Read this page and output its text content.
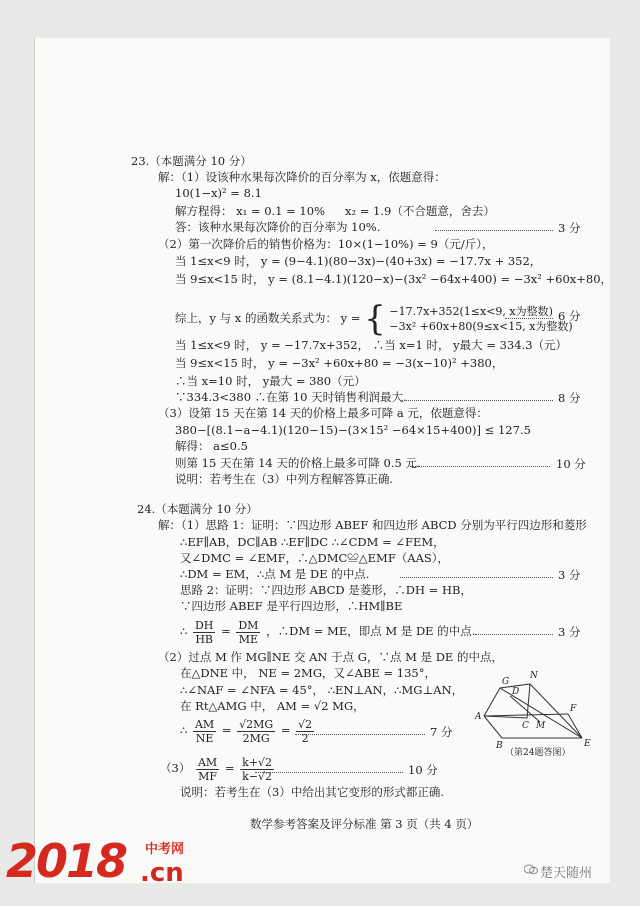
23.（本题满分 10 分）
解：（1）设该种水果每次降价的百分率为 x，依题意得：
10(1−x)² = 8.1
解方程得： x₁ = 0.1 = 10% x₂ = 1.9（不合题意，舍去）
答：该种水果每次降价的百分率为 10%.	3 分
（2）第一次降价后的销售价格为：10×(1−10%) = 9（元/斤），
当 1≤x<9 时， y = (9−4.1)(80−3x)−(40+3x) = −17.7x + 352，
当 9≤x<15 时， y = (8.1−4.1)(120−x)−(3x² −64x+400) = −3x² +60x+80，
综上，y 与 x 的函数关系式为： y = { −17.7x+352(1≤x<9, x为整数)
−3x² +60x+80(9≤x<15, x为整数)
6 分
当 1≤x<9 时， y = −17.7x+352， ∴当 x=1 时， y最大 = 334.3（元）
当 9≤x<15 时， y = −3x² +60x+80 = −3(x−10)² +380，
∴当 x=10 时， y最大 = 380（元）
∵334.3<380 ∴在第 10 天时销售利润最大.	8 分
（3）设第 15 天在第 14 天的价格上最多可降 a 元，依题意得：
380−[(8.1−a−4.1)(120−15)−(3×15² −64×15+400)] ≤ 127.5
解得： a≤0.5
则第 15 天在第 14 天的价格上最多可降 0.5 元.	10 分
说明：若考生在（3）中列方程解答算正确.
24.（本题满分 10 分）
解：（1）思路 1：证明：∵四边形 ABEF 和四边形 ABCD 分别为平行四边形和菱形
∴EF∥AB，DC∥AB ∴EF∥DC ∴∠CDM = ∠FEM，
又∠DMC = ∠EMF，∴△DMC≌△EMF（AAS），
∴DM = EM，∴点 M 是 DE 的中点.	3 分
思路 2：证明：∵四边形 ABCD 是菱形，∴DH = HB，
∵四边形 ABEF 是平行四边形，∴HM∥BE
∴ $\frac{DH}{HB} = \frac{DM}{ME}$ ，∴DM = ME，即点 M 是 DE 的中点.	3 分
（2）过点 M 作 MG∥NE 交 AN 于点 G，∵点 M 是 DE 的中点，
在△DNE 中， NE = 2MG，又∠ABE = 135°，
∴∠NAF = ∠NFA = 45°， ∴EN⊥AN，∴MG⊥AN，
在 Rt△AMG 中， AM = √2 MG，
∴ $\frac{AM}{NE} = \frac{√2MG}{2MG} = \frac{√2}{2}$	7 分
$(3) \frac{AM}{MF} = \frac{k+√2}{k-√2}$	10 分
说明：若考生在（3）中给出其它变形的形式都正确.
N
G
D
F
A
C M
B	E
（第24题答图）
数学参考答案及评分标准 第 3 页（共 4 页）
2018 中考网
.cn	楚天随州
